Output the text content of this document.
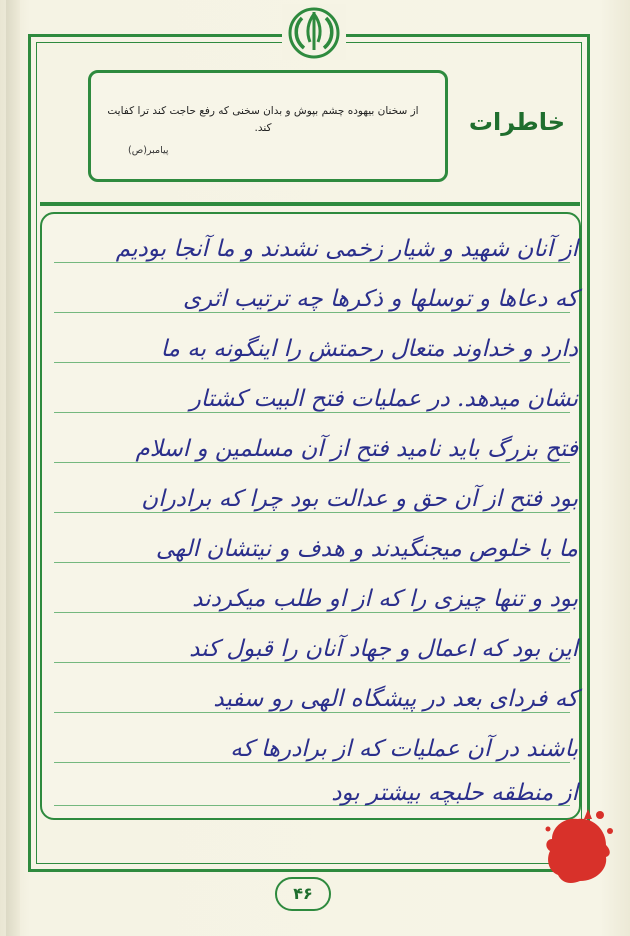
از سخنان بیهوده چشم بپوش و بدان سخنی که رفع حاجت کند ترا کفایت کند.
پیامبر(ص)
خاطرات
از آنان شهید و شیار زخمی نشدند و ما آنجا بودیم
که دعاها و توسلها و ذکرها چه ترتیب اثری
دارد و خداوند متعال رحمتش را اینگونه به ما
نشان میدهد. در عملیات فتح البیت کشتار
فتح بزرگ باید نامید فتح از آن مسلمین و اسلام
بود فتح از آن حق و عدالت بود چرا که برادران
ما با خلوص میجنگیدند و هدف و نیتشان الهی
بود و تنها چیزی را که از او طلب میکردند
این بود که اعمال و جهاد آنان را قبول کند
که فردای بعد در پیشگاه الهی رو سفید
باشند در آن عملیات که از برادرها که
از منطقه حلبچه بیشتر بود
۴۶
